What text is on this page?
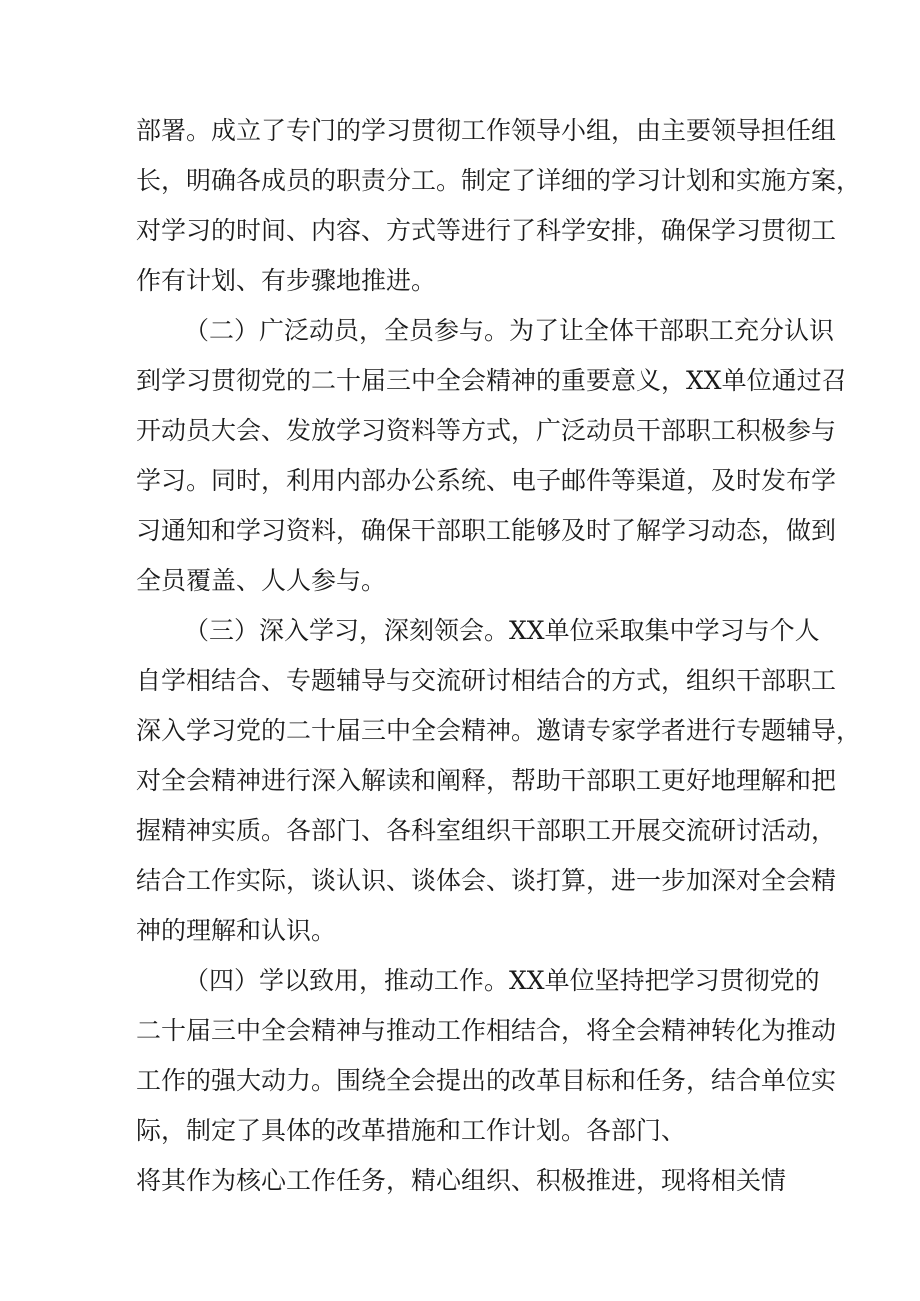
部署。成立了专门的学习贯彻工作领导小组，由主要领导担任组
长，明确各成员的职责分工。制定了详细的学习计划和实施方案，
对学习的时间、内容、方式等进行了科学安排，确保学习贯彻工
作有计划、有步骤地推进。
（二）广泛动员，全员参与。为了让全体干部职工充分认识
到学习贯彻党的二十届三中全会精神的重要意义，XX单位通过召
开动员大会、发放学习资料等方式，广泛动员干部职工积极参与
学习。同时，利用内部办公系统、电子邮件等渠道，及时发布学
习通知和学习资料，确保干部职工能够及时了解学习动态，做到
全员覆盖、人人参与。
（三）深入学习，深刻领会。XX单位采取集中学习与个人
自学相结合、专题辅导与交流研讨相结合的方式，组织干部职工
深入学习党的二十届三中全会精神。邀请专家学者进行专题辅导，
对全会精神进行深入解读和阐释，帮助干部职工更好地理解和把
握精神实质。各部门、各科室组织干部职工开展交流研讨活动，
结合工作实际，谈认识、谈体会、谈打算，进一步加深对全会精
神的理解和认识。
（四）学以致用，推动工作。XX单位坚持把学习贯彻党的
二十届三中全会精神与推动工作相结合，将全会精神转化为推动
工作的强大动力。围绕全会提出的改革目标和任务，结合单位实
际，制定了具体的改革措施和工作计划。各部门、
将其作为核心工作任务，精心组织、积极推进，现将相关情
